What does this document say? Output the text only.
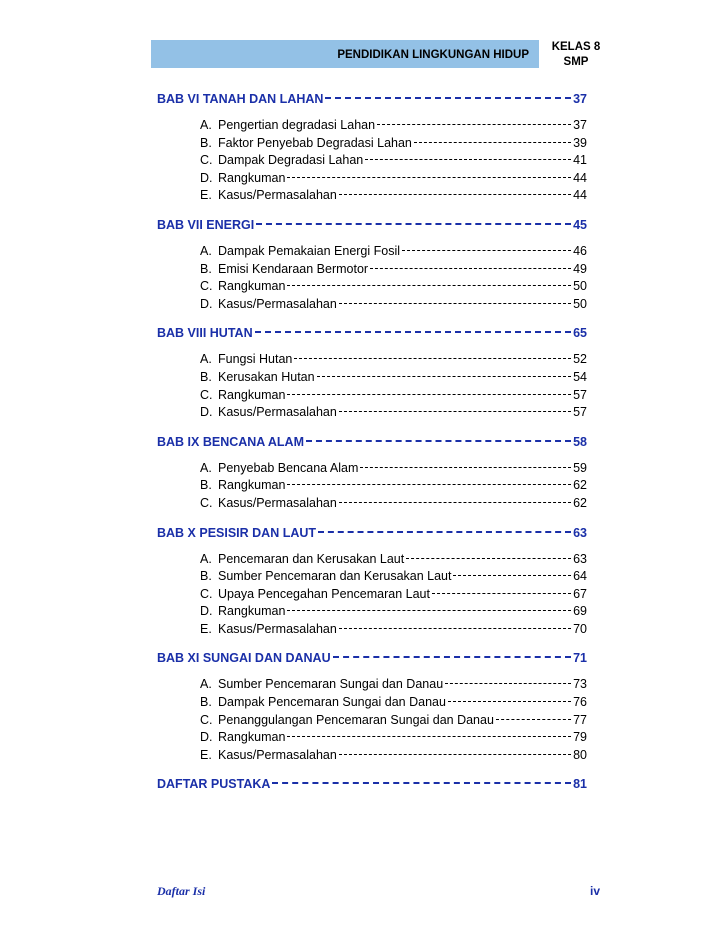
PENDIDIKAN LINGKUNGAN HIDUP
KELAS 8
SMP
BAB VI TANAH DAN LAHAN	37
A. Pengertian degradasi Lahan	37
B. Faktor Penyebab Degradasi Lahan	39
C. Dampak Degradasi Lahan	41
D. Rangkuman	44
E. Kasus/Permasalahan	44
BAB VII ENERGI	45
A. Dampak Pemakaian Energi Fosil	46
B. Emisi Kendaraan Bermotor	49
C. Rangkuman	50
D. Kasus/Permasalahan	50
BAB VIII HUTAN	65
A. Fungsi Hutan	52
B. Kerusakan Hutan	54
C. Rangkuman	57
D. Kasus/Permasalahan	57
BAB IX BENCANA ALAM	58
A. Penyebab Bencana Alam	59
B. Rangkuman	62
C. Kasus/Permasalahan	62
BAB X PESISIR DAN LAUT	63
A. Pencemaran dan Kerusakan Laut	63
B. Sumber Pencemaran dan Kerusakan Laut	64
C. Upaya Pencegahan Pencemaran Laut	67
D. Rangkuman	69
E. Kasus/Permasalahan	70
BAB XI SUNGAI DAN DANAU	71
A. Sumber Pencemaran Sungai dan Danau	73
B. Dampak Pencemaran Sungai dan Danau	76
C. Penanggulangan Pencemaran Sungai dan Danau	77
D. Rangkuman	79
E. Kasus/Permasalahan	80
DAFTAR PUSTAKA	81
Daftar Isi	iv
